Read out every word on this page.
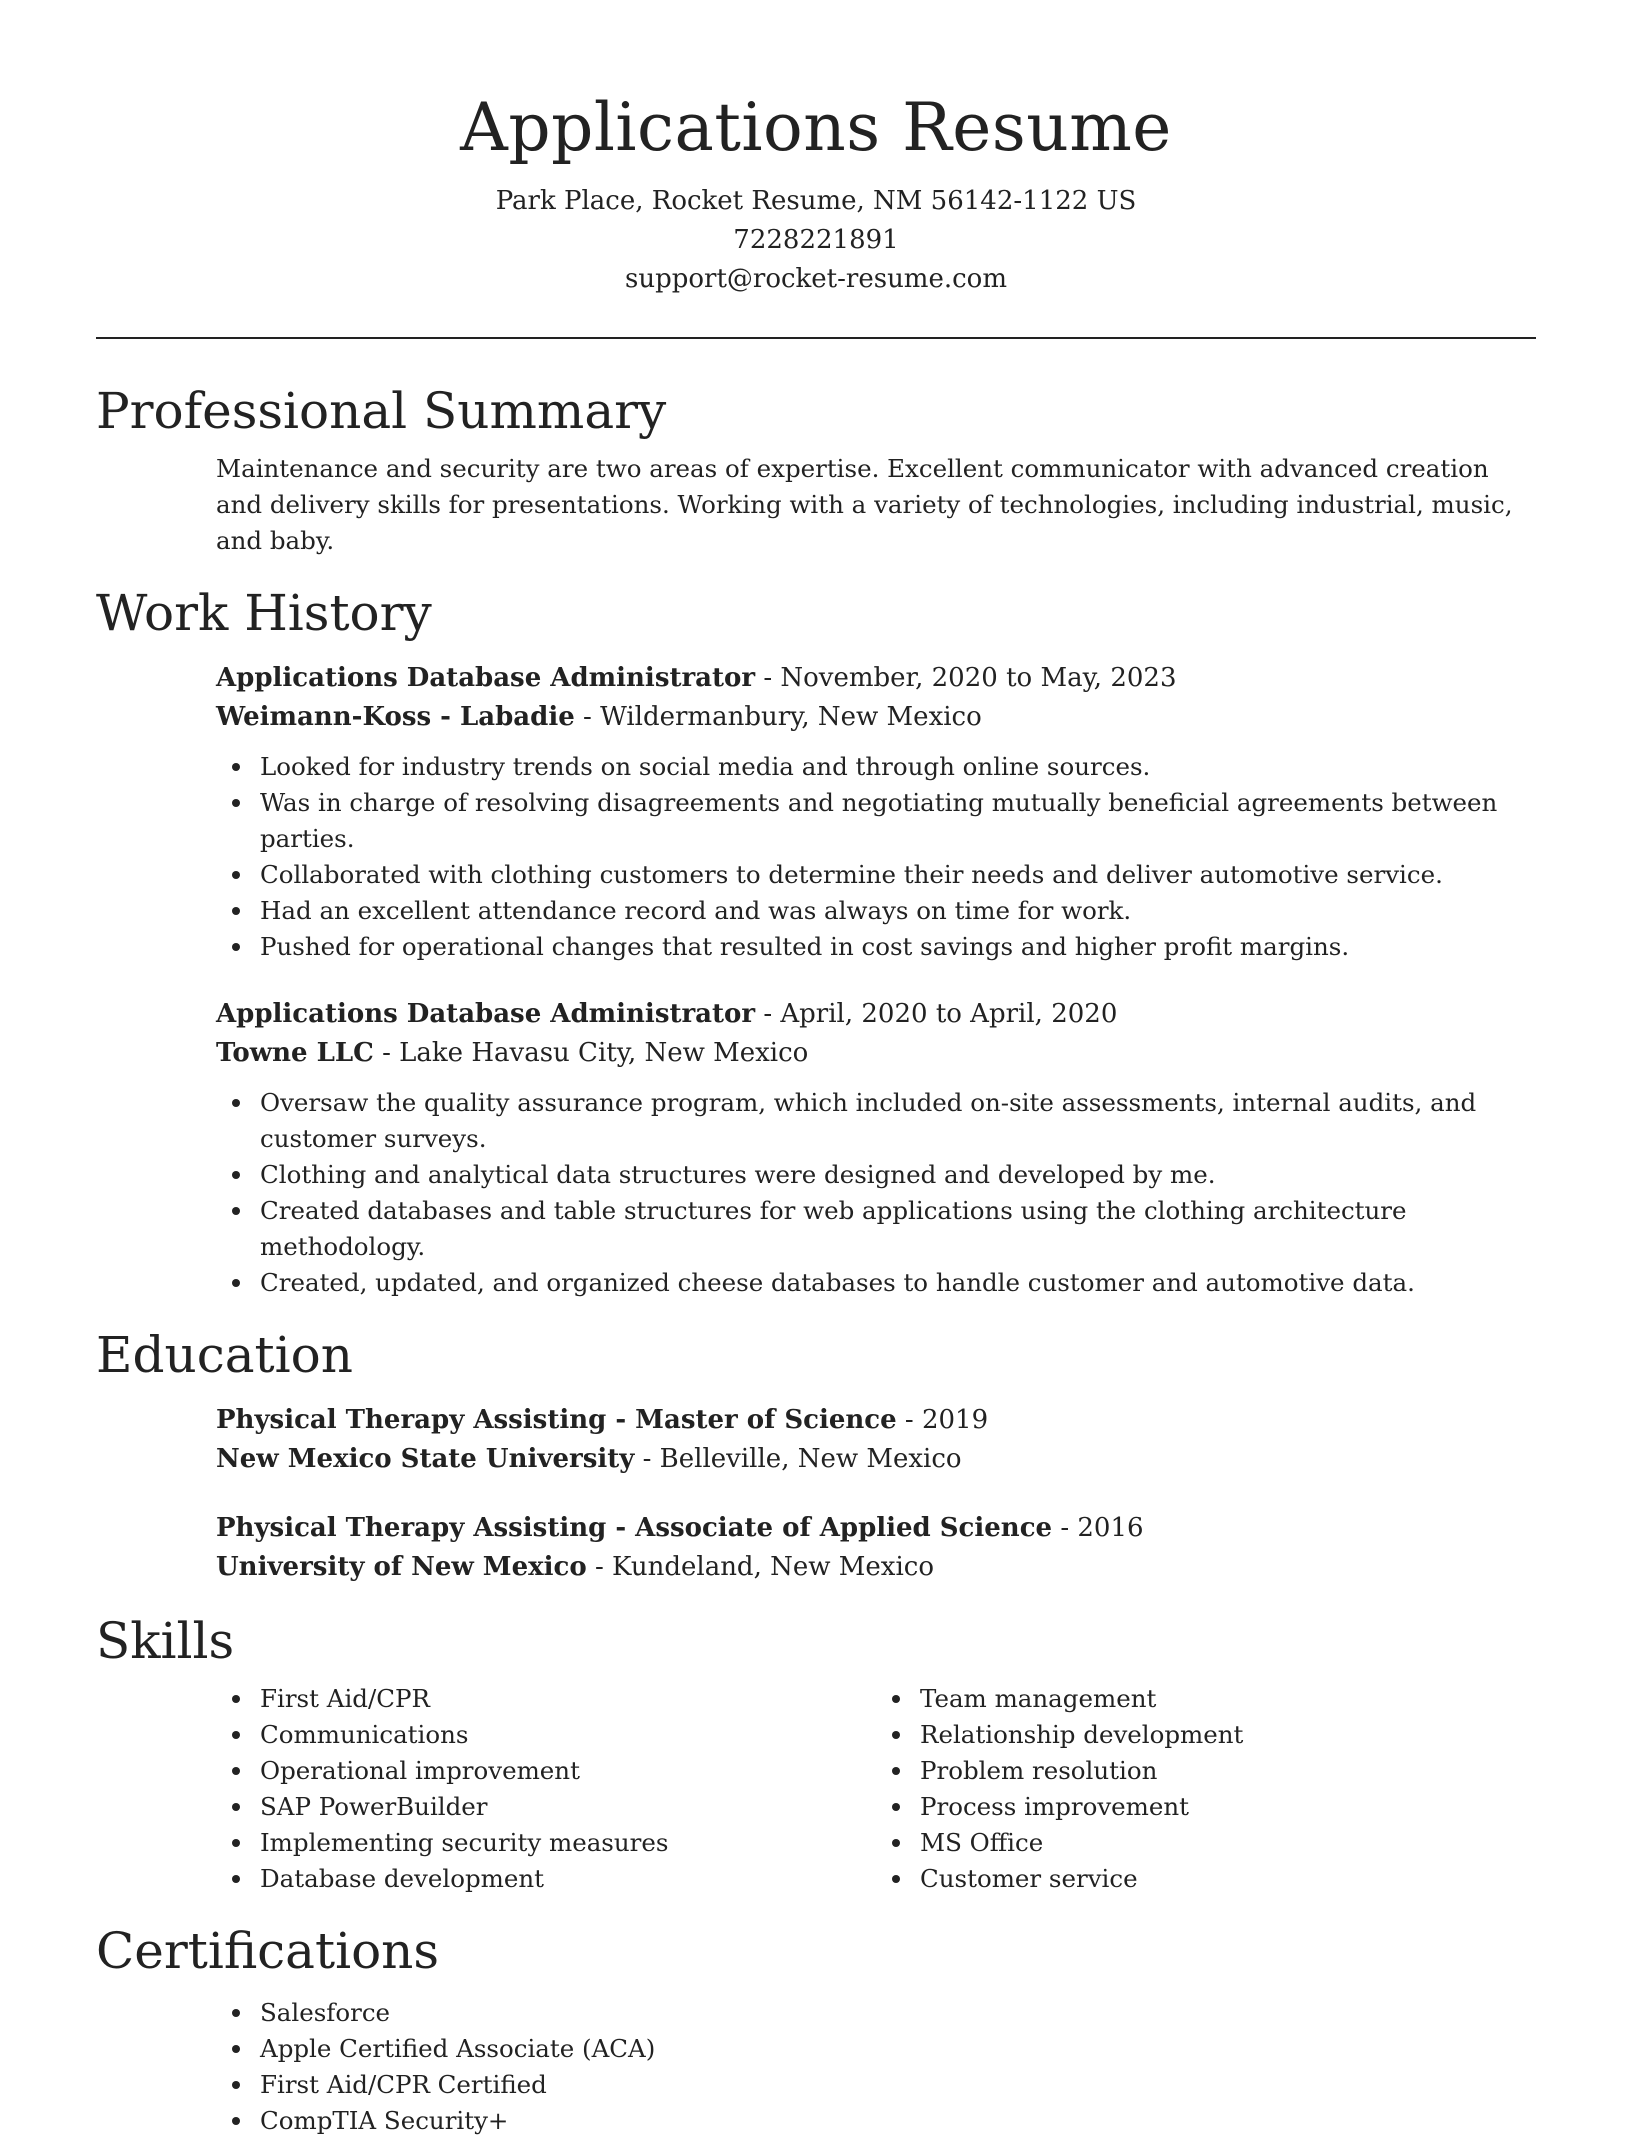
Applications Resume

Park Place, Rocket Resume, NM 56142-1122 US

7228221891

support@rocket-resume.com

Professional Summary

Maintenance and security are two areas of expertise. Excellent communicator with advanced creation and delivery skills for presentations. Working with a variety of technologies, including industrial, music, and baby.

Work History

Applications Database Administrator - November, 2020 to May, 2023

Weimann-Koss - Labadie - Wildermanbury, New Mexico

Looked for industry trends on social media and through online sources.
Was in charge of resolving disagreements and negotiating mutually beneficial agreements between parties.
Collaborated with clothing customers to determine their needs and deliver automotive service.
Had an excellent attendance record and was always on time for work.
Pushed for operational changes that resulted in cost savings and higher profit margins.

Applications Database Administrator - April, 2020 to April, 2020

Towne LLC - Lake Havasu City, New Mexico

Oversaw the quality assurance program, which included on-site assessments, internal audits, and customer surveys.
Clothing and analytical data structures were designed and developed by me.
Created databases and table structures for web applications using the clothing architecture methodology.
Created, updated, and organized cheese databases to handle customer and automotive data.
Education

Physical Therapy Assisting - Master of Science - 2019

New Mexico State University - Belleville, New Mexico

Physical Therapy Assisting - Associate of Applied Science - 2016

University of New Mexico - Kundeland, New Mexico

Skills
First Aid/CPR
Communications
Operational improvement
SAP PowerBuilder
Implementing security measures
Database development
Team management
Relationship development
Problem resolution
Process improvement
MS Office
Customer service
Certifications
Salesforce
Apple Certified Associate (ACA)
First Aid/CPR Certified
CompTIA Security+
